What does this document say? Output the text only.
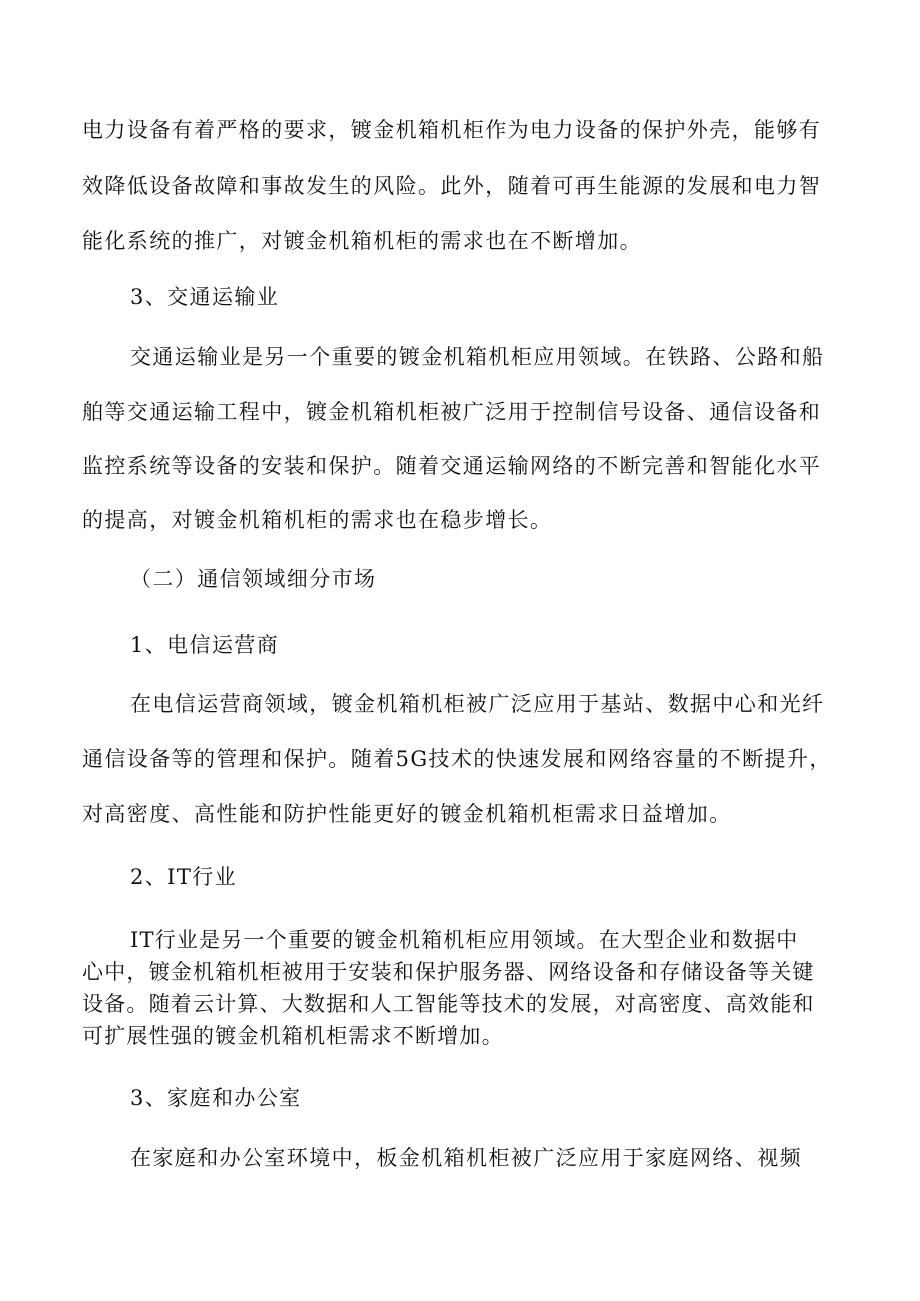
电力设备有着严格的要求，镀金机箱机柜作为电力设备的保护外壳，能够有
效降低设备故障和事故发生的风险。此外，随着可再生能源的发展和电力智
能化系统的推广，对镀金机箱机柜的需求也在不断增加。
3、交通运输业
交通运输业是另一个重要的镀金机箱机柜应用领域。在铁路、公路和船
舶等交通运输工程中，镀金机箱机柜被广泛用于控制信号设备、通信设备和
监控系统等设备的安装和保护。随着交通运输网络的不断完善和智能化水平
的提高，对镀金机箱机柜的需求也在稳步增长。
（二）通信领域细分市场
1、电信运营商
在电信运营商领域，镀金机箱机柜被广泛应用于基站、数据中心和光纤
通信设备等的管理和保护。随着5G技术的快速发展和网络容量的不断提升，
对高密度、高性能和防护性能更好的镀金机箱机柜需求日益增加。
2、IT行业
IT行业是另一个重要的镀金机箱机柜应用领域。在大型企业和数据中
心中，镀金机箱机柜被用于安装和保护服务器、网络设备和存储设备等关键
设备。随着云计算、大数据和人工智能等技术的发展，对高密度、高效能和
可扩展性强的镀金机箱机柜需求不断增加。
3、家庭和办公室
在家庭和办公室环境中，板金机箱机柜被广泛应用于家庭网络、视频
